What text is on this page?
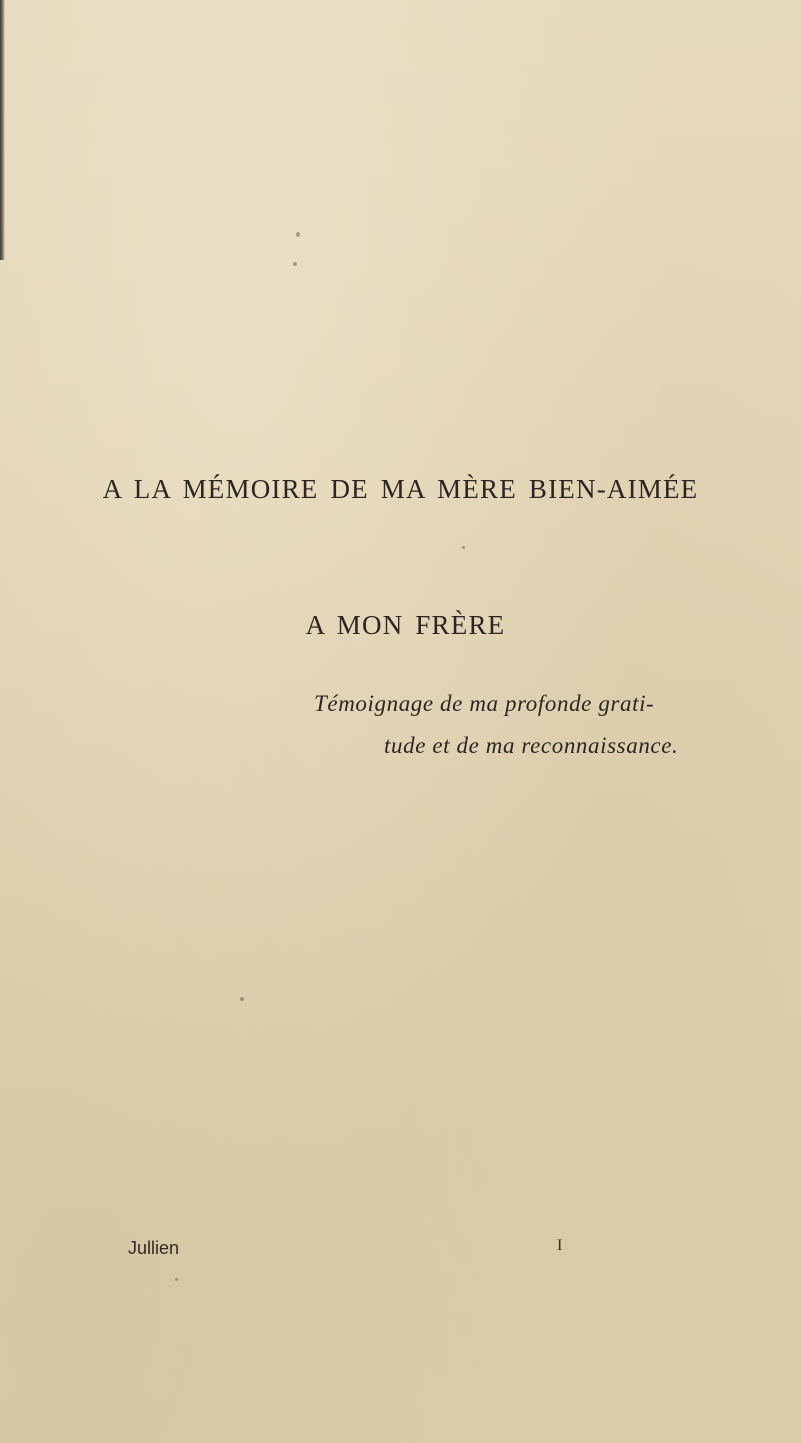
A LA MÉMOIRE DE MA MÈRE BIEN-AIMÉE
A MON FRÈRE
Témoignage de ma profonde grati-
tude et de ma reconnaissance.
Jullien	I
